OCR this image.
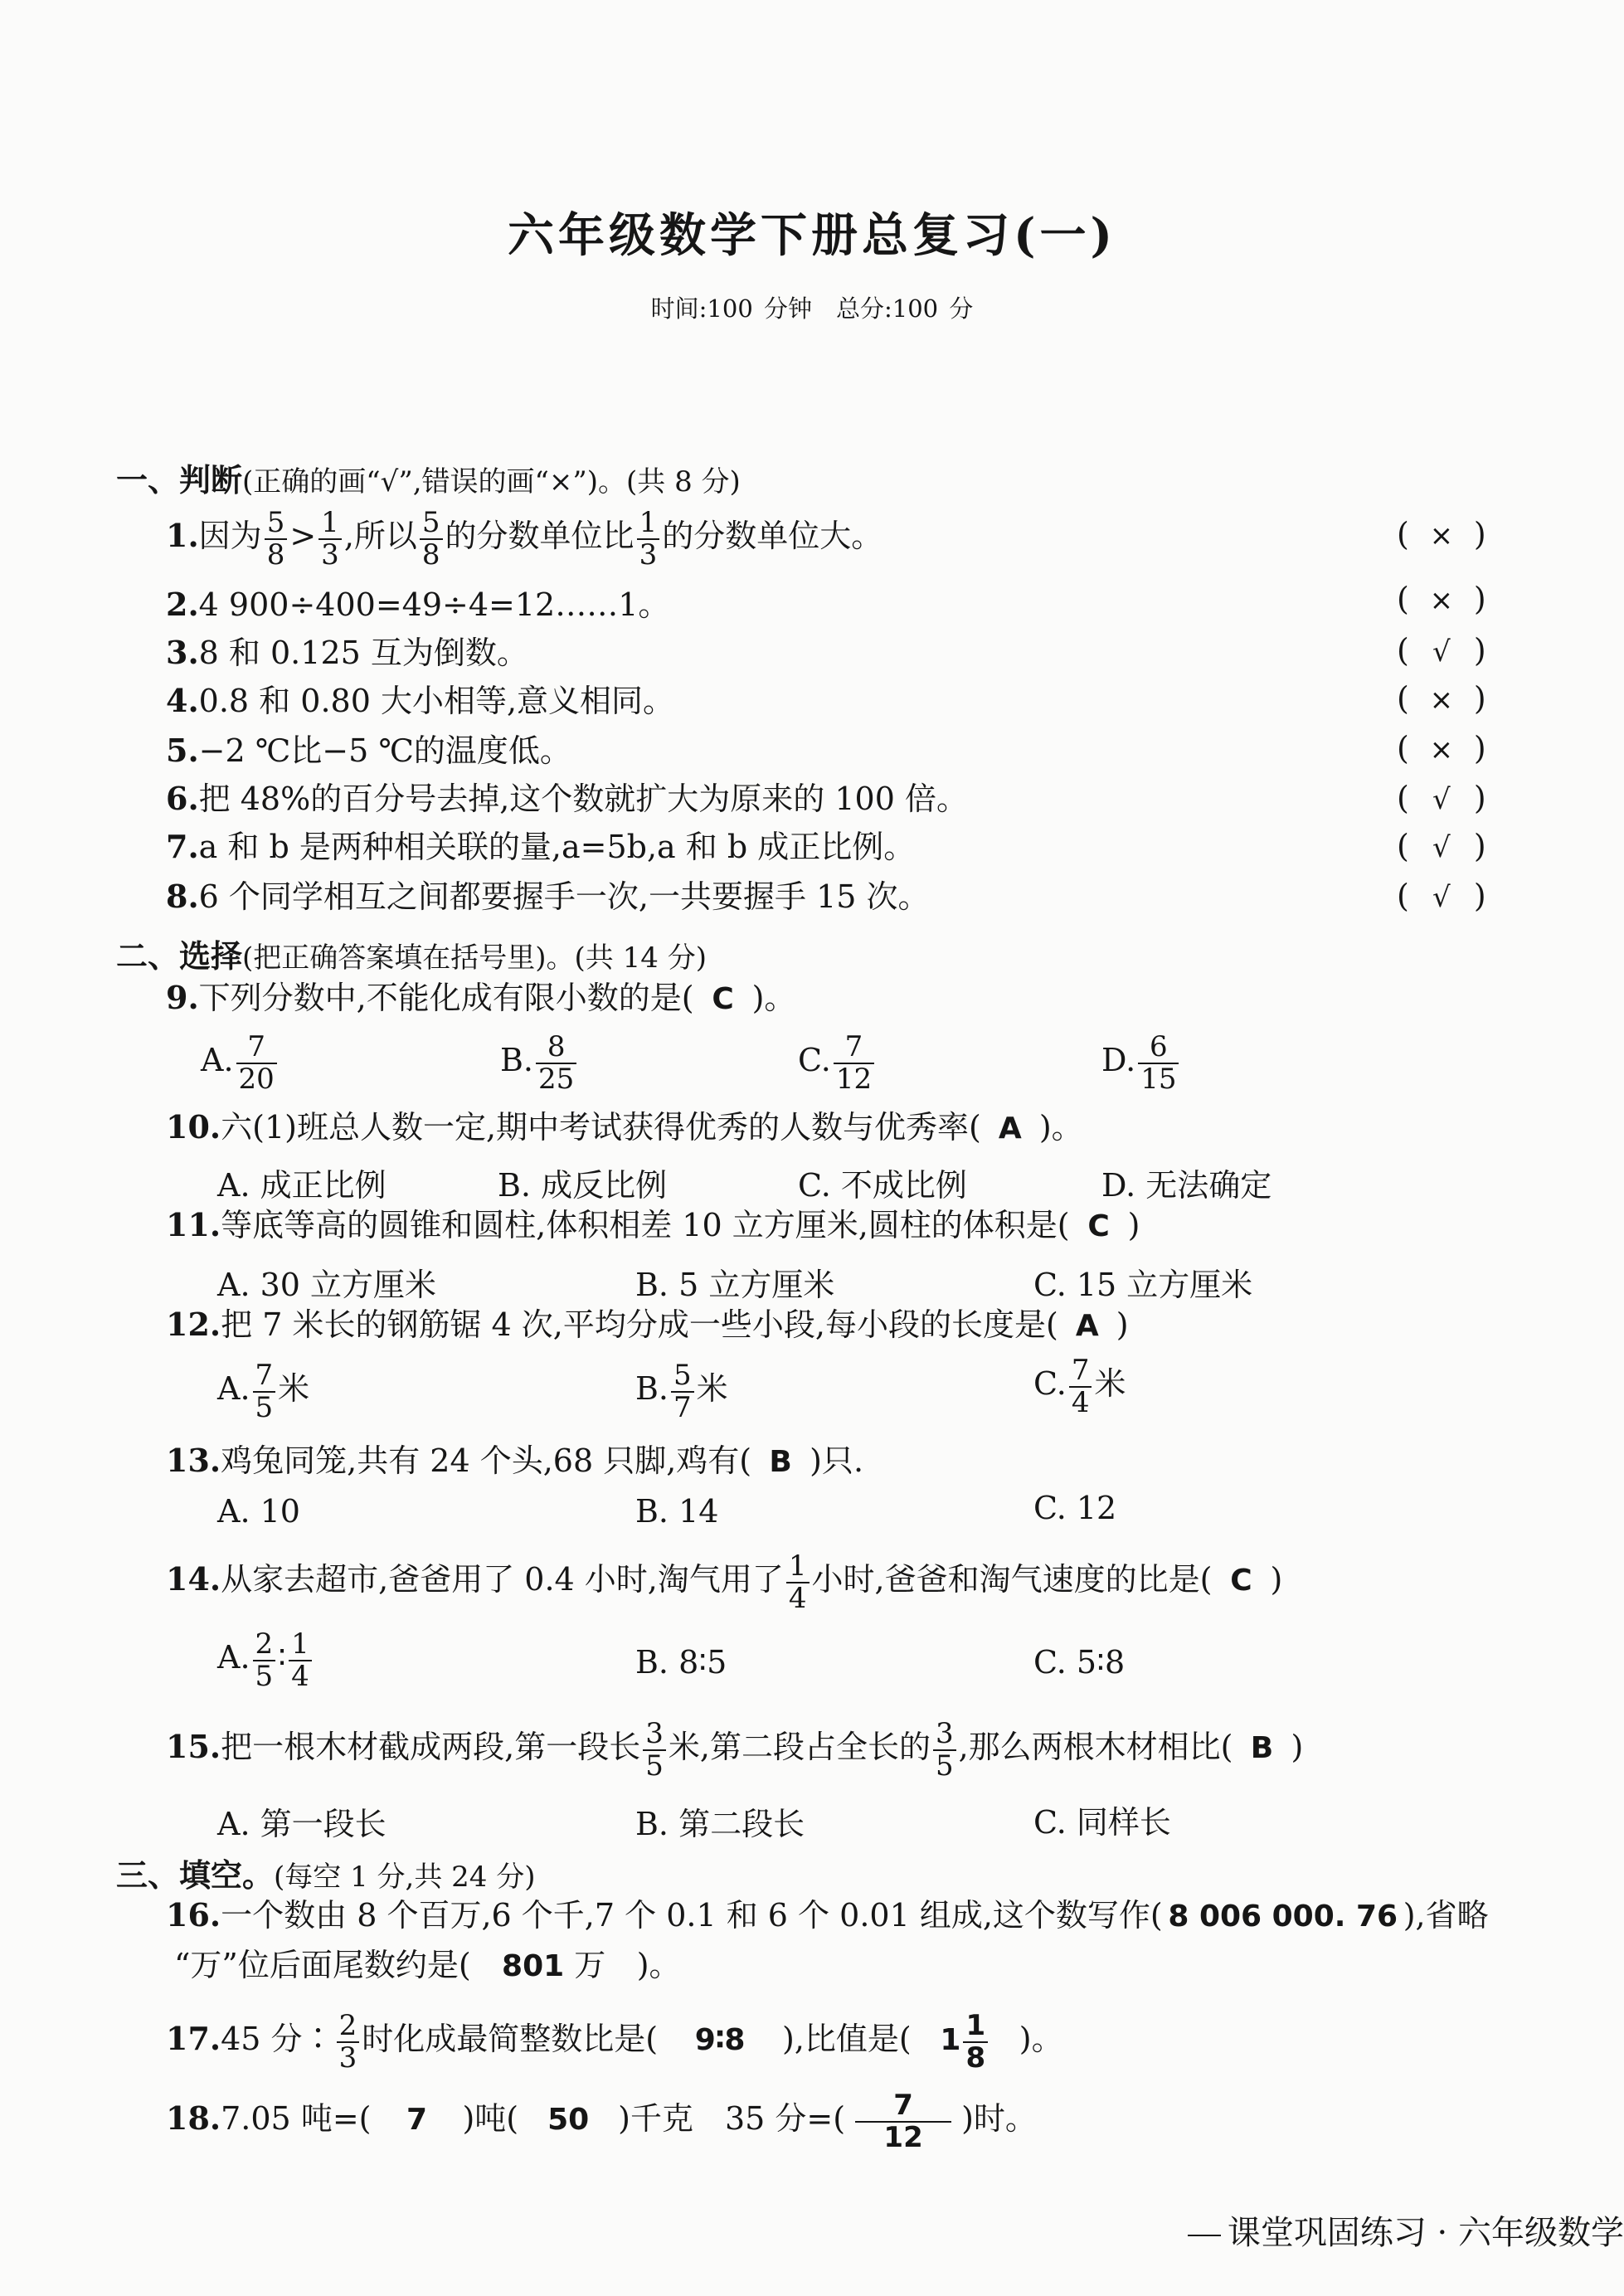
六年级数学下册总复习(一)
时间:100 分钟　总分:100 分
一、判断(正确的画“√”,错误的画“×”)。(共 8 分)
1.因为 $\frac{5}{8} > \frac{1}{3}$ ,所以 $\frac{5}{8}$ 的分数单位比 $\frac{1}{3}$ 的分数单位大。	( × )
2.4 900÷400=49÷4=12……1。	( × )
3.8 和 0.125 互为倒数。	( √ )
4.0.8 和 0.80 大小相等,意义相同。	( × )
5.−2 ℃比−5 ℃的温度低。	( × )
6.把 48%的百分号去掉,这个数就扩大为原来的 100 倍。	( √ )
7.a 和 b 是两种相关联的量,a=5b,a 和 b 成正比例。	( √ )
8.6 个同学相互之间都要握手一次,一共要握手 15 次。	( √ )
二、选择(把正确答案填在括号里)。(共 14 分)
9.下列分数中,不能化成有限小数的是( C )。
A. $\frac{7}{20}$	B. $\frac{8}{25}$	C. $\frac{7}{12}$	D. $\frac{6}{15}$
10.六(1)班总人数一定,期中考试获得优秀的人数与优秀率( A )。
A. 成正比例	B. 成反比例	C. 不成比例	D. 无法确定
11.等底等高的圆锥和圆柱,体积相差 10 立方厘米,圆柱的体积是( C )
A. 30 立方厘米	B. 5 立方厘米	C. 15 立方厘米
12.把 7 米长的钢筋锯 4 次,平均分成一些小段,每小段的长度是( A )
A. $\frac{7}{5}$ 米	B. $\frac{5}{7}$ 米	C. $\frac{7}{4}$ 米
13.鸡兔同笼,共有 24 个头,68 只脚,鸡有( B )只.
A. 10	B. 14	C. 12
14.从家去超市,爸爸用了 0.4 小时,淘气用了 $\frac{1}{4}$ 小时,爸爸和淘气速度的比是( C )
A. $\frac{2}{5}$ ∶ $\frac{1}{4}$	B. 8∶5	C. 5∶8
15.把一根木材截成两段,第一段长 $\frac{3}{5}$ 米,第二段占全长的 $\frac{3}{5}$ ,那么两根木材相比( B )
A. 第一段长	B. 第二段长	C. 同样长
三、填空。(每空 1 分,共 24 分)
16.一个数由 8 个百万,6 个千,7 个 0.1 和 6 个 0.01 组成,这个数写作( 8 006 000. 76 ),省略
“万”位后面尾数约是( 801 万 )。
17.45 分∶ $\frac{2}{3}$ 时化成最简整数比是( 9∶8 ),比值是( $1 \frac{1}{8}$ )。
18.7.05 吨=( 7 )吨( 50 )千克　35 分=( $\frac{7}{12}$ )时。
课堂巩固练习 · 六年级数学
